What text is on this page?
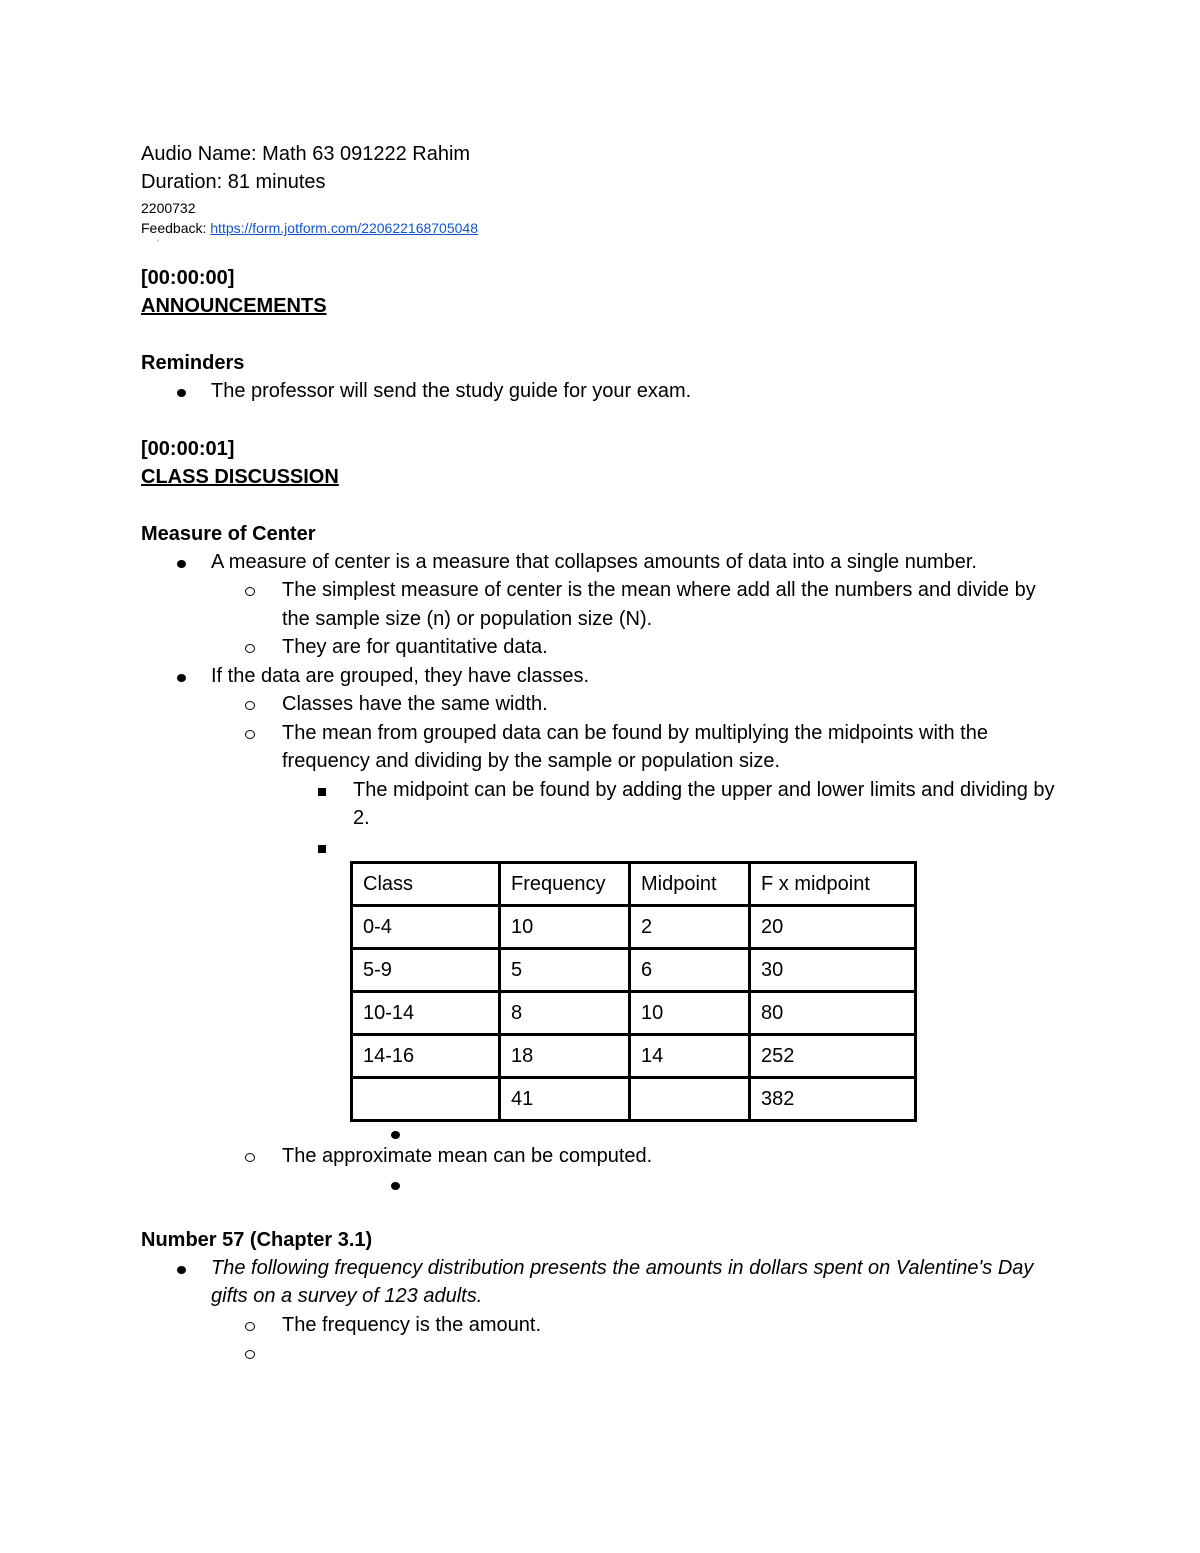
Audio Name: Math 63 091222 Rahim
Duration: 81 minutes
2200732
Feedback: https://form.jotform.com/220622168705048
'
[00:00:00]
ANNOUNCEMENTS
Reminders
The professor will send the study guide for your exam.
[00:00:01]
CLASS DISCUSSION
Measure of Center
A measure of center is a measure that collapses amounts of data into a single number.
The simplest measure of center is the mean where add all the numbers and divide by the sample size (n) or population size (N).
They are for quantitative data.
If the data are grouped, they have classes.
Classes have the same width.
The mean from grouped data can be found by multiplying the midpoints with the frequency and dividing by the sample or population size.
The midpoint can be found by adding the upper and lower limits and dividing by 2.

Class	Frequency	Midpoint	F x midpoint
0-4	10	2	20
5-9	5	6	30
10-14	8	10	80
14-16	18	14	252
	41		382
The approximate mean can be computed.
Number 57 (Chapter 3.1)
The following frequency distribution presents the amounts in dollars spent on Valentine's Day gifts on a survey of 123 adults.
The frequency is the amount.
